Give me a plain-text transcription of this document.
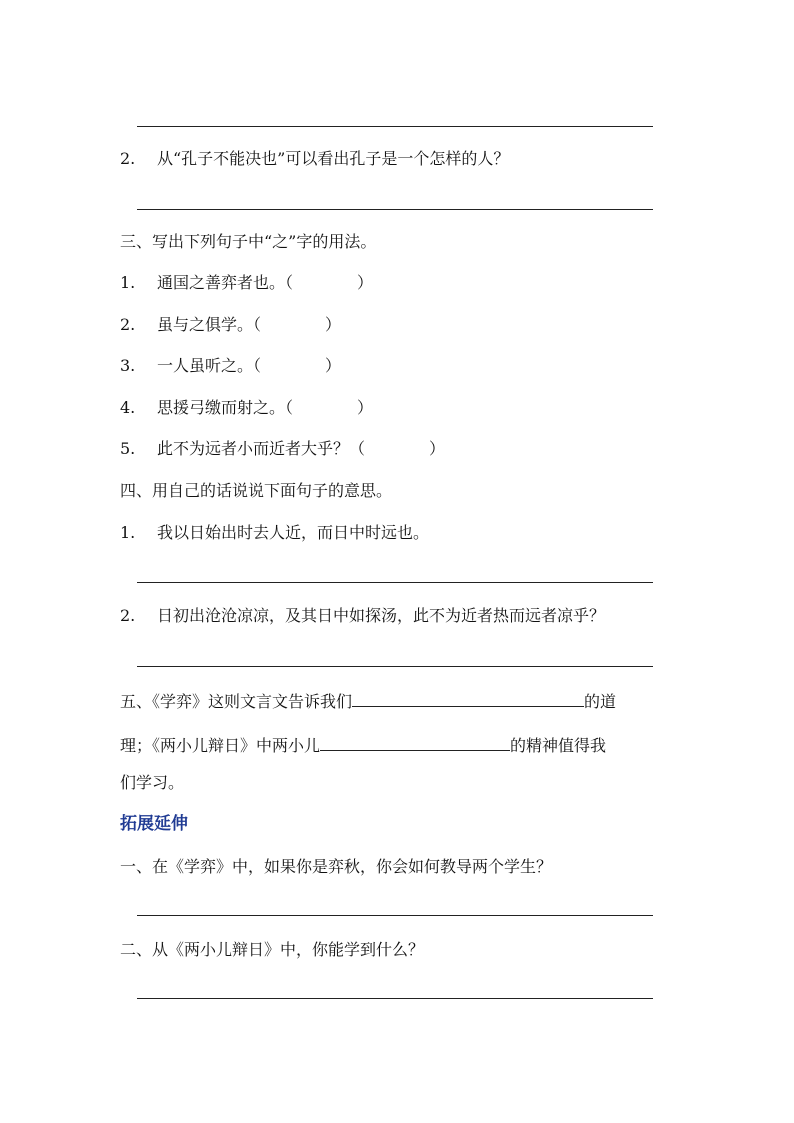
2. 从“孔子不能决也”可以看出孔子是一个怎样的人？
三、写出下列句子中“之”字的用法。
1. 通国之善弈者也。（　　　　）
2. 虽与之俱学。（　　　　）
3. 一人虽听之。（　　　　）
4. 思援弓缴而射之。（　　　　）
5. 此不为远者小而近者大乎？（　　　　）
四、用自己的话说说下面句子的意思。
1. 我以日始出时去人近，而日中时远也。
2. 日初出沧沧凉凉，及其日中如探汤，此不为近者热而远者凉乎？
五、《学弈》这则文言文告诉我们	的道
理；《两小儿辩日》中两小儿	的精神值得我
们学习。
拓展延伸
一、在《学弈》中，如果你是弈秋，你会如何教导两个学生？
二、从《两小儿辩日》中，你能学到什么？
